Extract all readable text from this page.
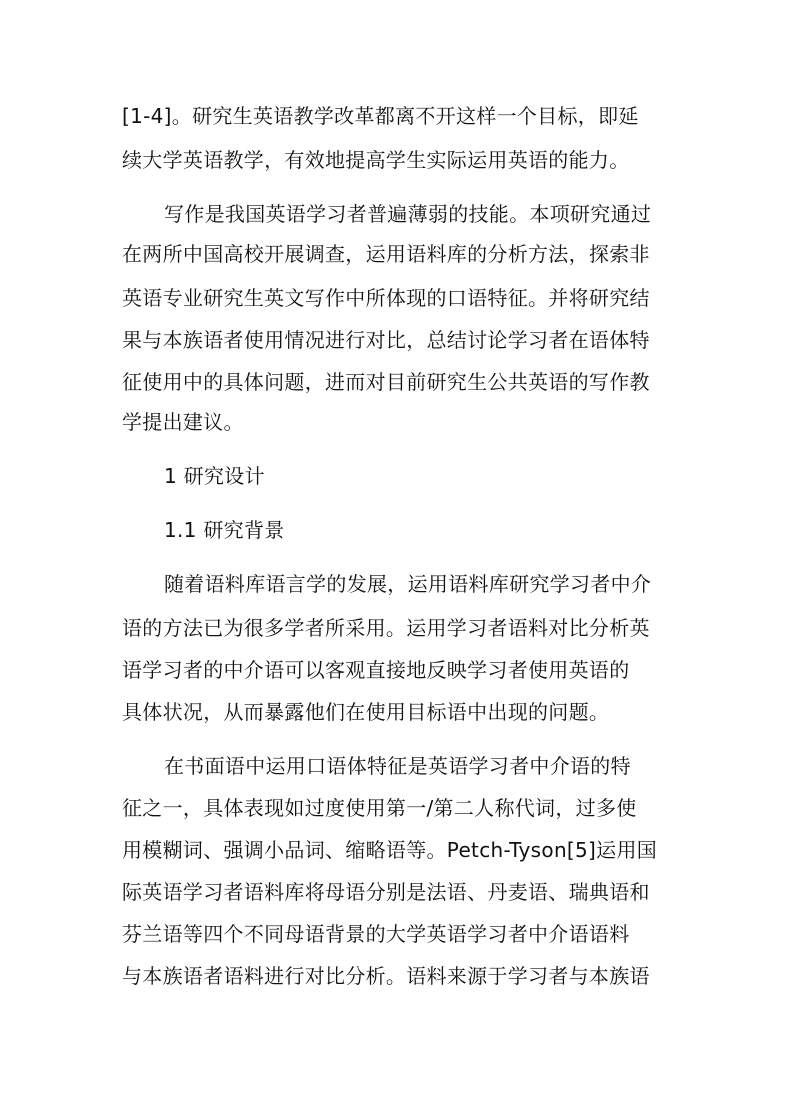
[1-4]。研究生英语教学改革都离不开这样一个目标，即延
续大学英语教学，有效地提高学生实际运用英语的能力。
写作是我国英语学习者普遍薄弱的技能。本项研究通过
在两所中国高校开展调查，运用语料库的分析方法，探索非
英语专业研究生英文写作中所体现的口语特征。并将研究结
果与本族语者使用情况进行对比，总结讨论学习者在语体特
征使用中的具体问题，进而对目前研究生公共英语的写作教
学提出建议。
1 研究设计
1.1 研究背景
随着语料库语言学的发展，运用语料库研究学习者中介
语的方法已为很多学者所采用。运用学习者语料对比分析英
语学习者的中介语可以客观直接地反映学习者使用英语的
具体状况，从而暴露他们在使用目标语中出现的问题。
在书面语中运用口语体特征是英语学习者中介语的特
征之一，具体表现如过度使用第一/第二人称代词，过多使
用模糊词、强调小品词、缩略语等。Petch-Tyson[5]运用国
际英语学习者语料库将母语分别是法语、丹麦语、瑞典语和
芬兰语等四个不同母语背景的大学英语学习者中介语语料
与本族语者语料进行对比分析。语料来源于学习者与本族语
